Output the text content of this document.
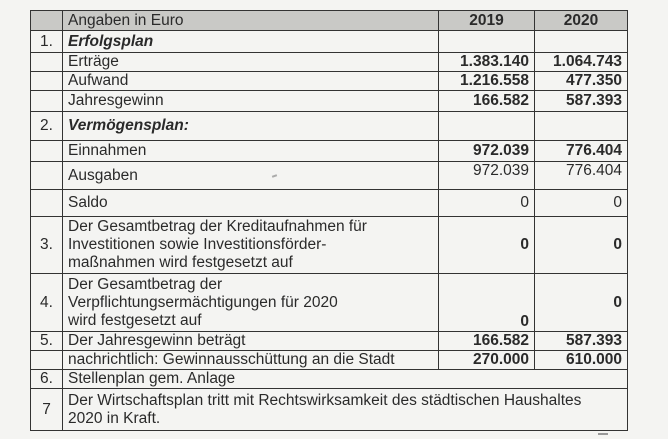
	Angaben in Euro	2019	2020
1.	Erfolgsplan		
	Erträge	1.383.140	1.064.743
	Aufwand	1.216.558	477.350
	Jahresgewinn	166.582	587.393
2.	Vermögensplan:		
	Einnahmen	972.039	776.404
	Ausgaben	972.039	776.404
	Saldo	0	0
3.	Der Gesamtbetrag der Kreditaufnahmen für
Investitionen sowie Investitionsförder-
maßnahmen wird festgesetzt auf	0	0
4.	Der Gesamtbetrag der
Verpflichtungsermächtigungen für 2020
wird festgesetzt auf	0	0
5.	Der Jahresgewinn beträgt	166.582	587.393
	nachrichtlich: Gewinnausschüttung an die Stadt	270.000	610.000
6.	Stellenplan gem. Anlage		
7	Der Wirtschaftsplan tritt mit Rechtswirksamkeit des städtischen Haushaltes
2020 in Kraft.		
